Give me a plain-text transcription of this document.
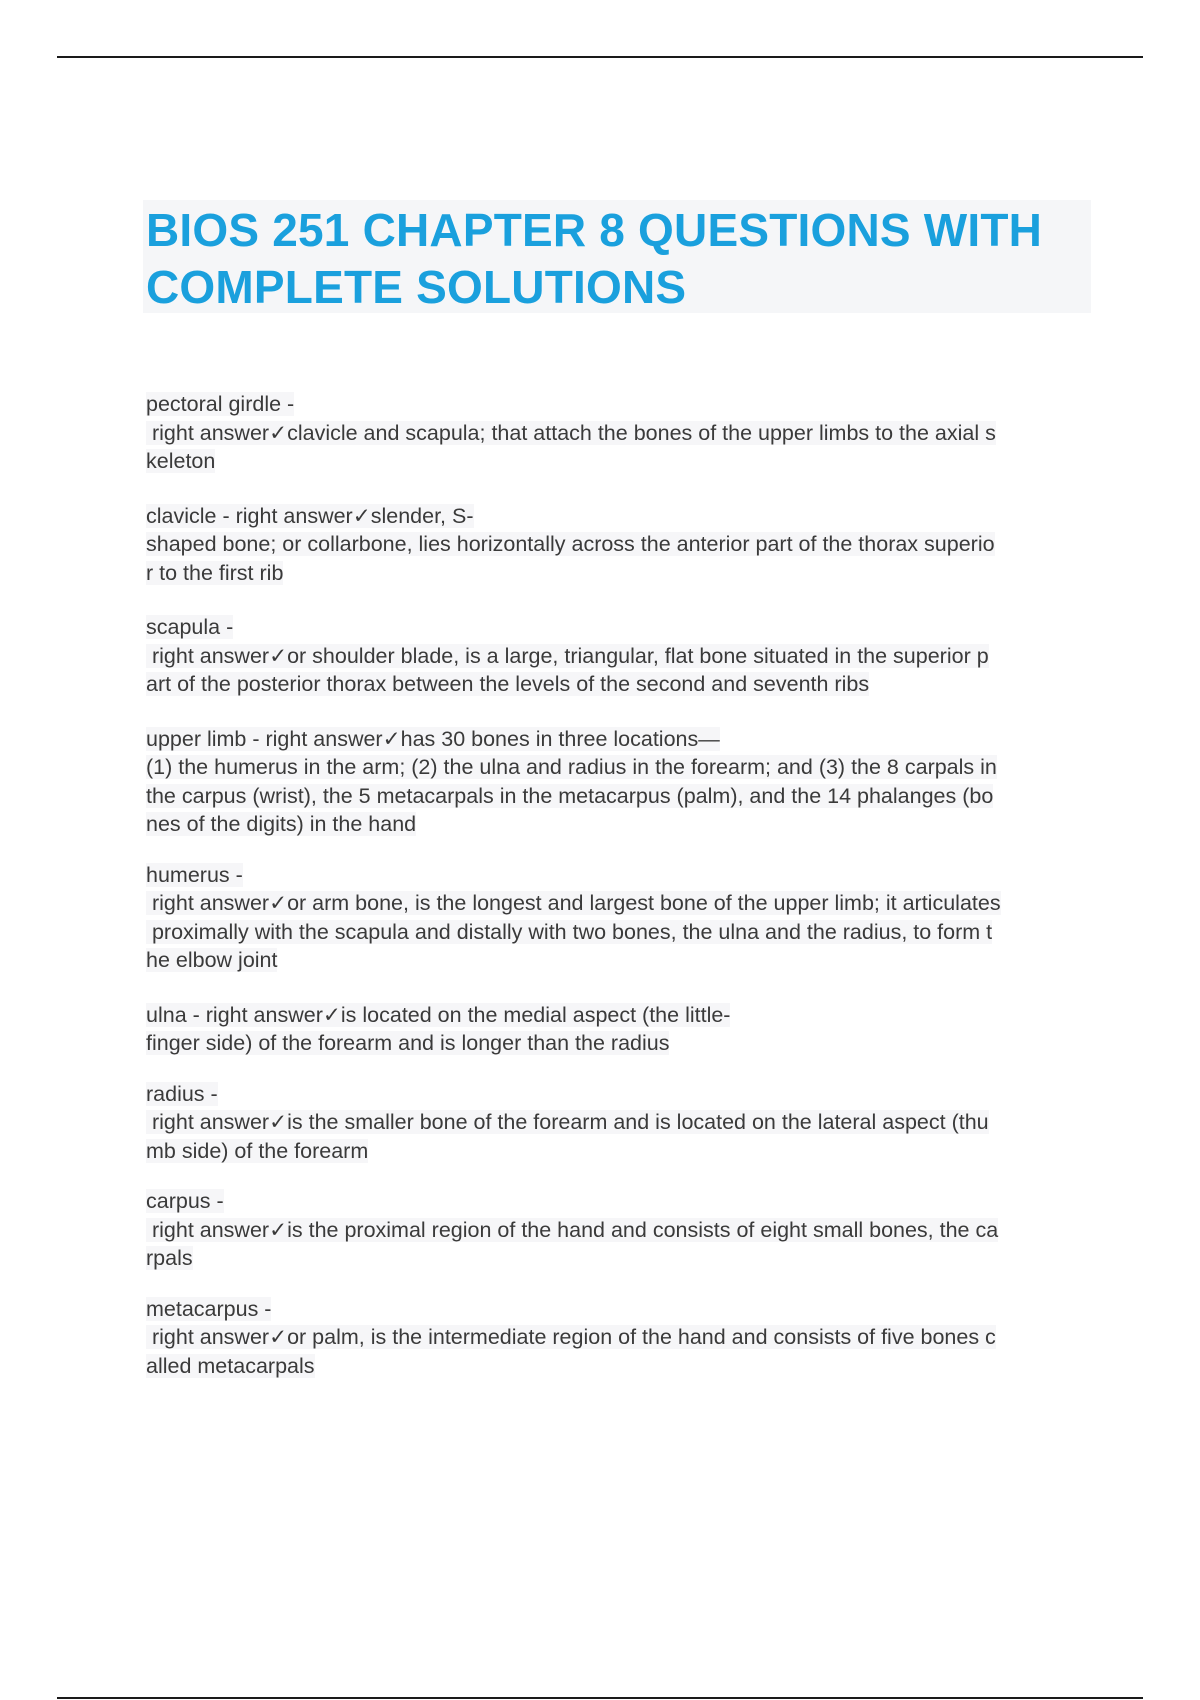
BIOS 251 CHAPTER 8 QUESTIONS WITH
COMPLETE SOLUTIONS

pectoral girdle -
right answer✓clavicle and scapula; that attach the bones of the upper limbs to the axial s
keleton

clavicle - right answer✓slender, S-
shaped bone; or collarbone, lies horizontally across the anterior part of the thorax superio
r to the first rib

scapula -
right answer✓or shoulder blade, is a large, triangular, flat bone situated in the superior p
art of the posterior thorax between the levels of the second and seventh ribs

upper limb - right answer✓has 30 bones in three locations—
(1) the humerus in the arm; (2) the ulna and radius in the forearm; and (3) the 8 carpals in
the carpus (wrist), the 5 metacarpals in the metacarpus (palm), and the 14 phalanges (bo
nes of the digits) in the hand

humerus -
right answer✓or arm bone, is the longest and largest bone of the upper limb; it articulates
proximally with the scapula and distally with two bones, the ulna and the radius, to form t
he elbow joint

ulna - right answer✓is located on the medial aspect (the little-
finger side) of the forearm and is longer than the radius

radius -
right answer✓is the smaller bone of the forearm and is located on the lateral aspect (thu
mb side) of the forearm

carpus -
right answer✓is the proximal region of the hand and consists of eight small bones, the ca
rpals

metacarpus -
right answer✓or palm, is the intermediate region of the hand and consists of five bones c
alled metacarpals
